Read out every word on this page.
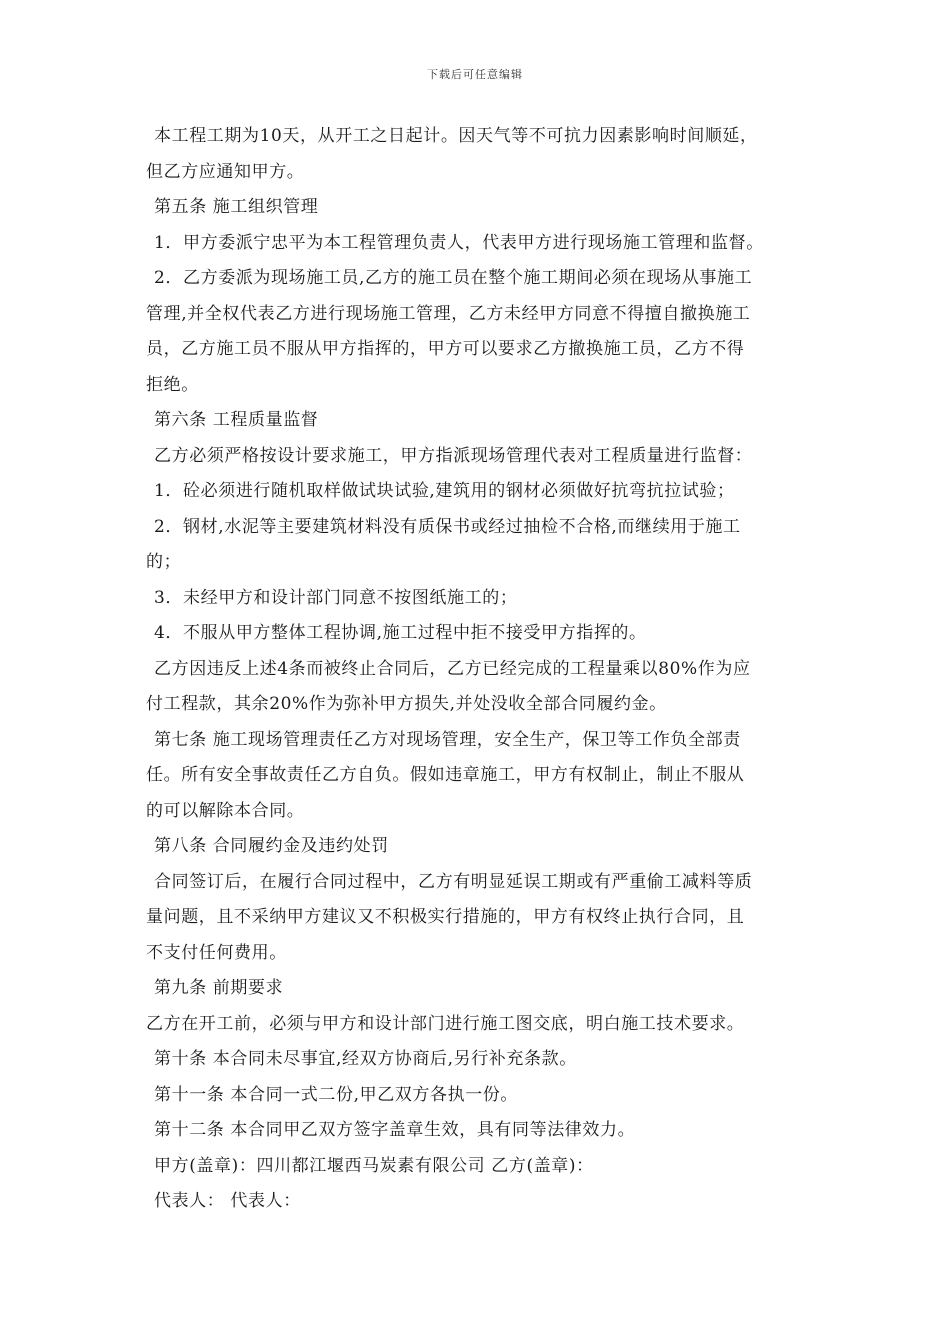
下载后可任意编辑
本工程工期为10天，从开工之日起计。因天气等不可抗力因素影响时间顺延，
但乙方应通知甲方。
第五条 施工组织管理
1．甲方委派宁忠平为本工程管理负责人，代表甲方进行现场施工管理和监督。
2．乙方委派为现场施工员,乙方的施工员在整个施工期间必须在现场从事施工
管理,并全权代表乙方进行现场施工管理，乙方未经甲方同意不得擅自撤换施工
员，乙方施工员不服从甲方指挥的，甲方可以要求乙方撤换施工员，乙方不得
拒绝。
第六条 工程质量监督
乙方必须严格按设计要求施工，甲方指派现场管理代表对工程质量进行监督：
1．砼必须进行随机取样做试块试验,建筑用的钢材必须做好抗弯抗拉试验；
2．钢材,水泥等主要建筑材料没有质保书或经过抽检不合格,而继续用于施工
的；
3．未经甲方和设计部门同意不按图纸施工的；
4．不服从甲方整体工程协调,施工过程中拒不接受甲方指挥的。
乙方因违反上述4条而被终止合同后，乙方已经完成的工程量乘以80%作为应
付工程款，其余20%作为弥补甲方损失,并处没收全部合同履约金。
第七条 施工现场管理责任乙方对现场管理，安全生产，保卫等工作负全部责
任。所有安全事故责任乙方自负。假如违章施工，甲方有权制止，制止不服从
的可以解除本合同。
第八条 合同履约金及违约处罚
合同签订后，在履行合同过程中，乙方有明显延误工期或有严重偷工减料等质
量问题，且不采纳甲方建议又不积极实行措施的，甲方有权终止执行合同，且
不支付任何费用。
第九条 前期要求
乙方在开工前，必须与甲方和设计部门进行施工图交底，明白施工技术要求。
第十条 本合同未尽事宜,经双方协商后,另行补充条款。
第十一条 本合同一式二份,甲乙双方各执一份。
第十二条 本合同甲乙双方签字盖章生效，具有同等法律效力。
甲方(盖章)：四川都江堰西马炭素有限公司 乙方(盖章)：
代表人： 代表人：
